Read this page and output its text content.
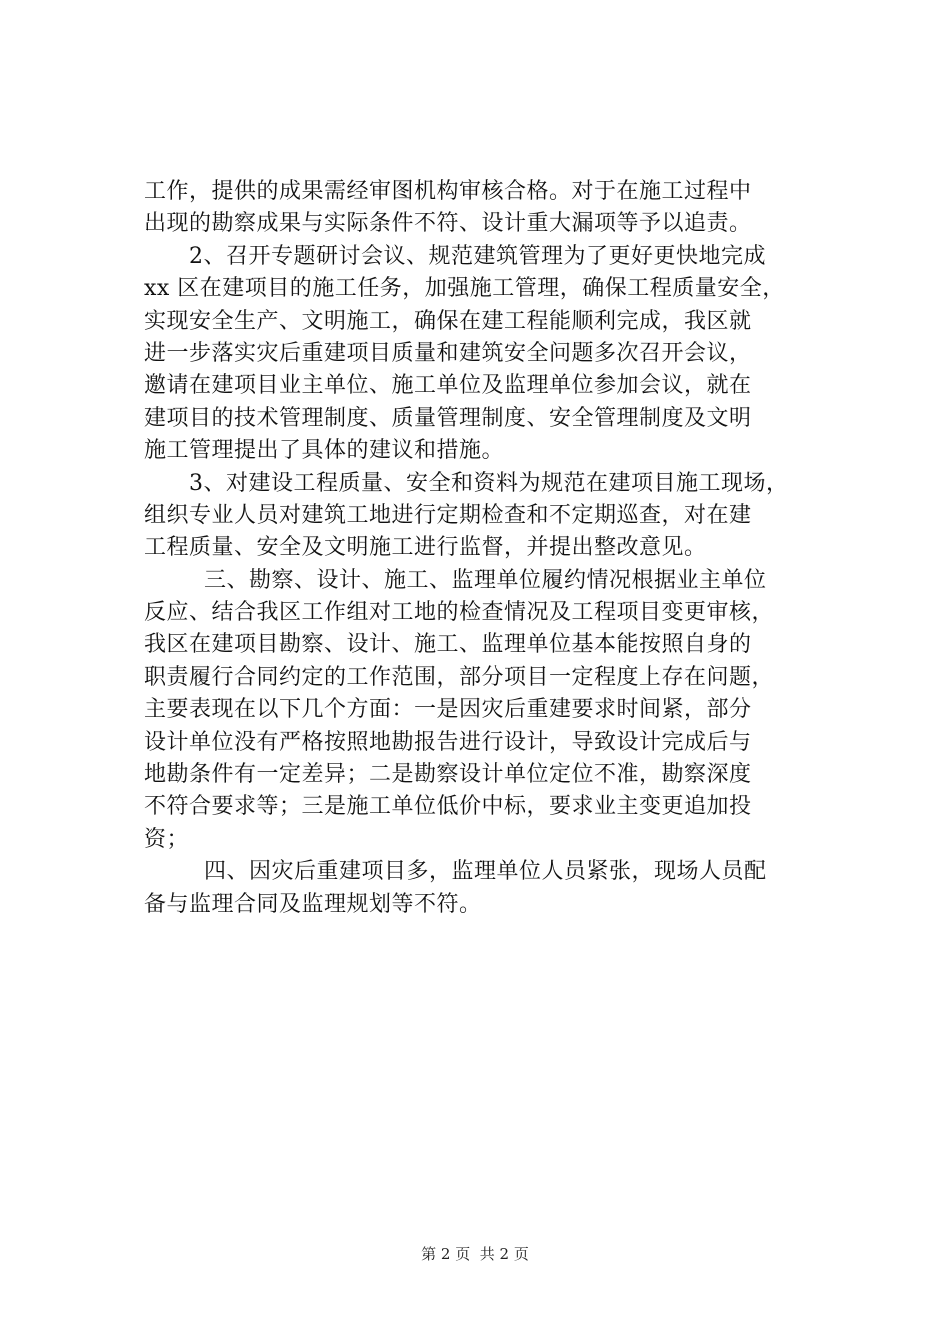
工作，提供的成果需经审图机构审核合格。对于在施工过程中
出现的勘察成果与实际条件不符、设计重大漏项等予以追责。
2、召开专题研讨会议、规范建筑管理为了更好更快地完成
xx 区在建项目的施工任务，加强施工管理，确保工程质量安全，
实现安全生产、文明施工，确保在建工程能顺利完成，我区就
进一步落实灾后重建项目质量和建筑安全问题多次召开会议，
邀请在建项目业主单位、施工单位及监理单位参加会议，就在
建项目的技术管理制度、质量管理制度、安全管理制度及文明
施工管理提出了具体的建议和措施。
3、对建设工程质量、安全和资料为规范在建项目施工现场，
组织专业人员对建筑工地进行定期检查和不定期巡查，对在建
工程质量、安全及文明施工进行监督，并提出整改意见。
三、勘察、设计、施工、监理单位履约情况根据业主单位
反应、结合我区工作组对工地的检查情况及工程项目变更审核，
我区在建项目勘察、设计、施工、监理单位基本能按照自身的
职责履行合同约定的工作范围，部分项目一定程度上存在问题，
主要表现在以下几个方面：一是因灾后重建要求时间紧，部分
设计单位没有严格按照地勘报告进行设计，导致设计完成后与
地勘条件有一定差异；二是勘察设计单位定位不准，勘察深度
不符合要求等；三是施工单位低价中标，要求业主变更追加投
资；
四、因灾后重建项目多，监理单位人员紧张，现场人员配
备与监理合同及监理规划等不符。
第 2 页  共 2 页
